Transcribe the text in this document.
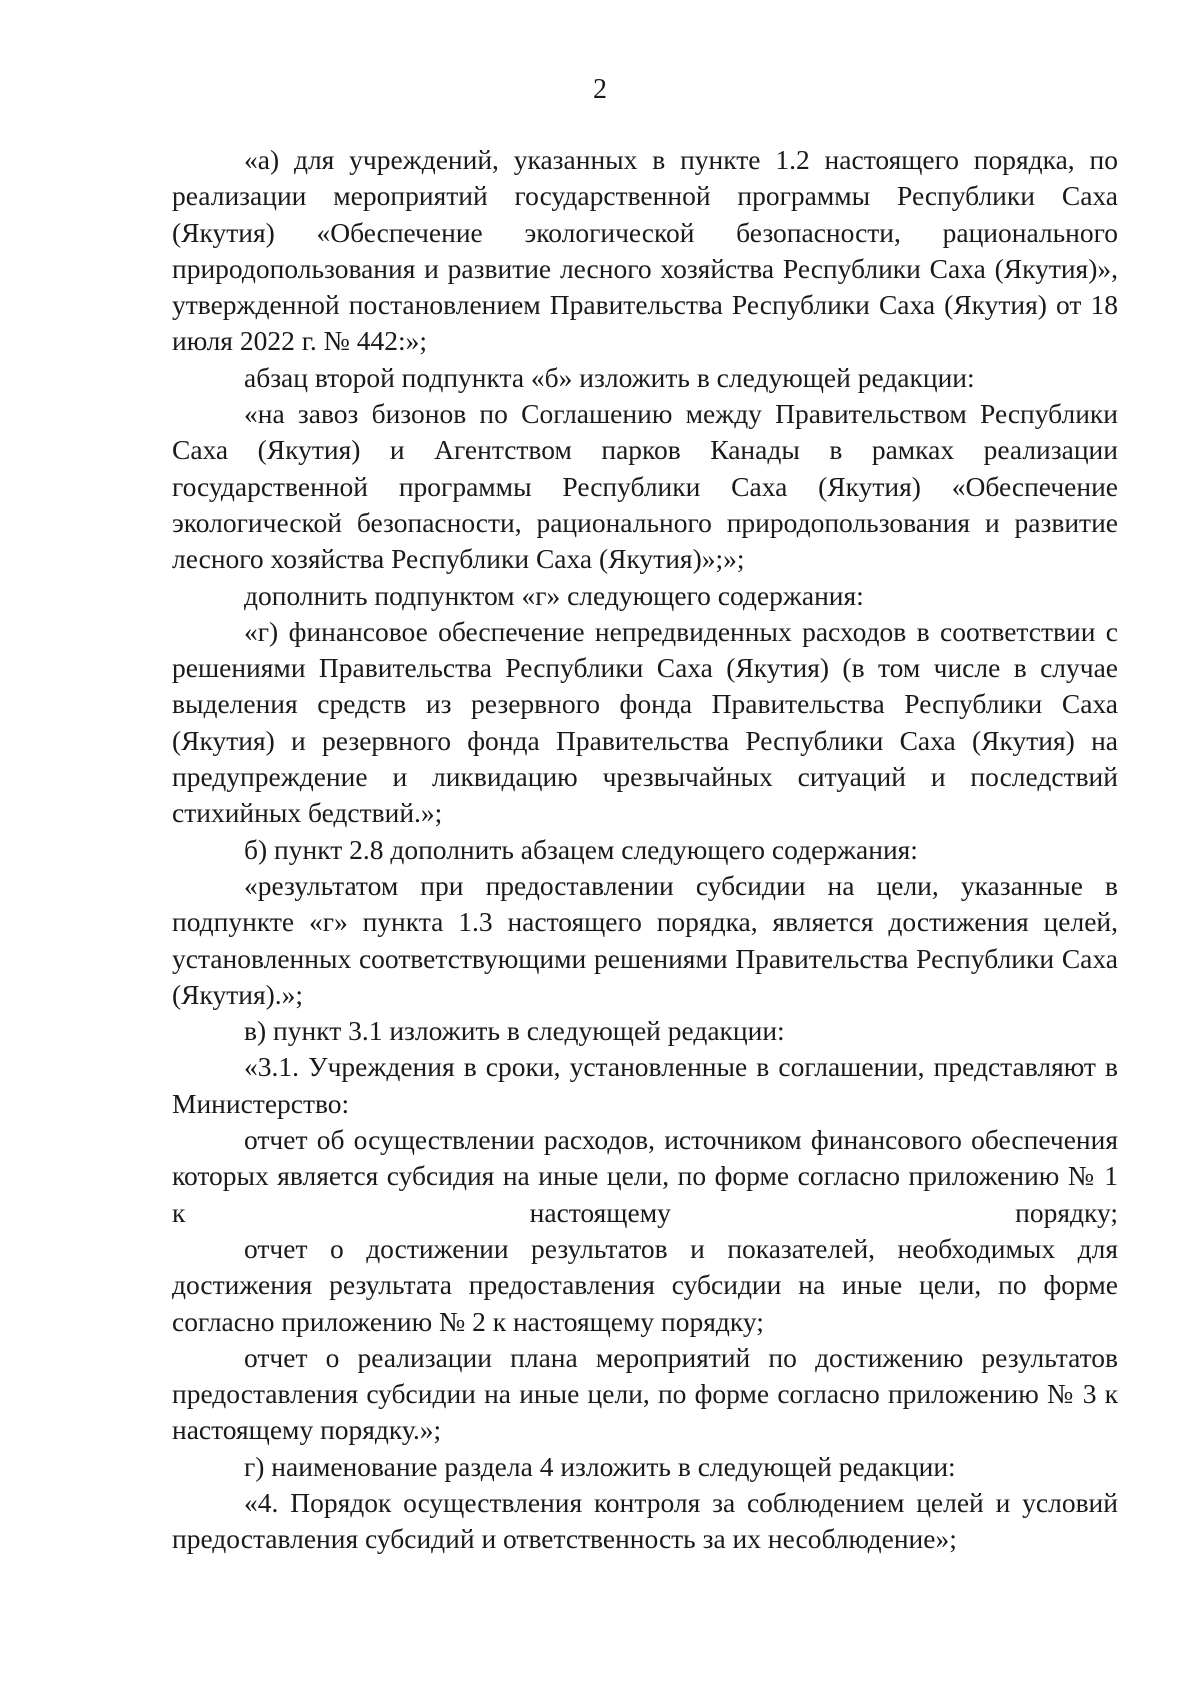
2

«а) для учреждений, указанных в пункте 1.2 настоящего порядка, по реализации мероприятий государственной программы Республики Саха (Якутия) «Обеспечение экологической безопасности, рационального природопользования и развитие лесного хозяйства Республики Саха (Якутия)», утвержденной постановлением Правительства Республики Саха (Якутия) от 18 июля 2022 г. № 442:»;

абзац второй подпункта «б» изложить в следующей редакции:

«на завоз бизонов по Соглашению между Правительством Республики Саха (Якутия) и Агентством парков Канады в рамках реализации государственной программы Республики Саха (Якутия) «Обеспечение экологической безопасности, рационального природопользования и развитие лесного хозяйства Республики Саха (Якутия)»;»;

дополнить подпунктом «г» следующего содержания:

«г) финансовое обеспечение непредвиденных расходов в соответствии с решениями Правительства Республики Саха (Якутия) (в том числе в случае выделения средств из резервного фонда Правительства Республики Саха (Якутия) и резервного фонда Правительства Республики Саха (Якутия) на предупреждение и ликвидацию чрезвычайных ситуаций и последствий стихийных бедствий.»;

б) пункт 2.8 дополнить абзацем следующего содержания:

«результатом при предоставлении субсидии на цели, указанные в подпункте «г» пункта 1.3 настоящего порядка, является достижения целей, установленных соответствующими решениями Правительства Республики Саха (Якутия).»;

в) пункт 3.1 изложить в следующей редакции:

«3.1. Учреждения в сроки, установленные в соглашении, представляют в Министерство:

отчет об осуществлении расходов, источником финансового обеспечения которых является субсидия на иные цели, по форме согласно приложению № 1 к настоящему порядку;

отчет о достижении результатов и показателей, необходимых для достижения результата предоставления субсидии на иные цели, по форме согласно приложению № 2 к настоящему порядку;

отчет о реализации плана мероприятий по достижению результатов предоставления субсидии на иные цели, по форме согласно приложению № 3 к настоящему порядку.»;

г) наименование раздела 4 изложить в следующей редакции:

«4. Порядок осуществления контроля за соблюдением целей и условий предоставления субсидий и ответственность за их несоблюдение»;
